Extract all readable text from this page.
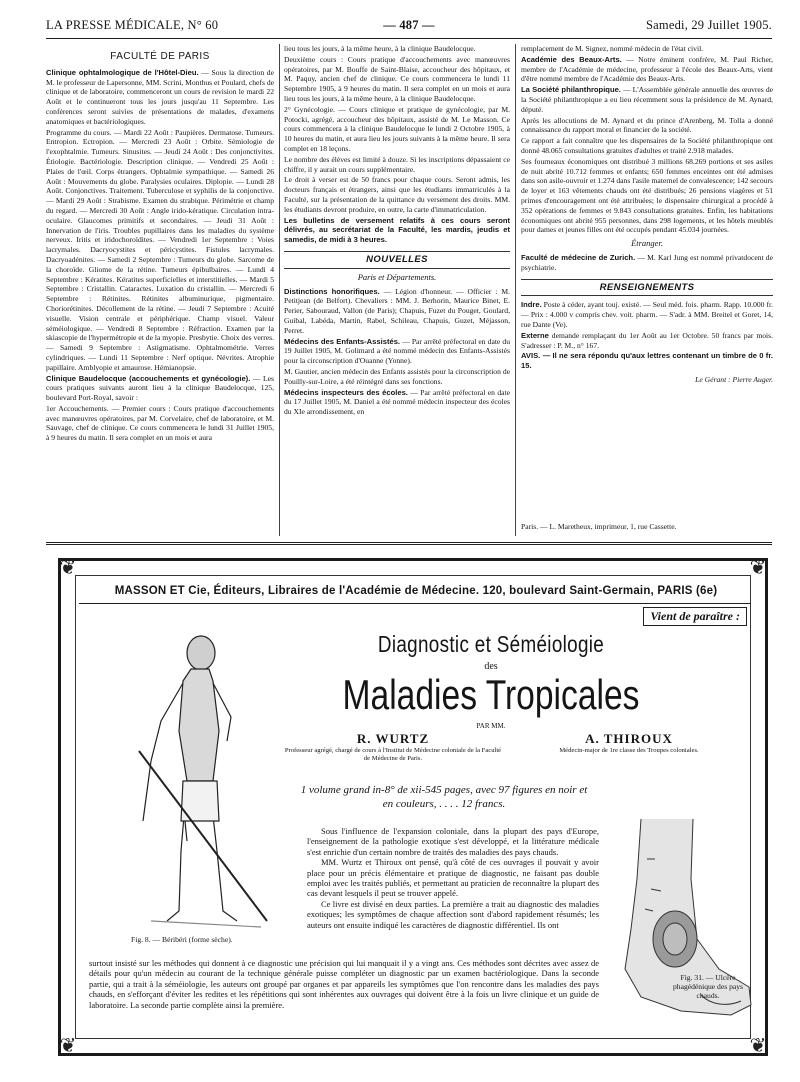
LA PRESSE MÉDICALE, N° 60	— 487 —	Samedi, 29 Juillet 1905.
FACULTÉ DE PARIS

Clinique ophtalmologique de l'Hôtel-Dieu. — Sous la direction de M. le professeur de Lapersonne, MM. Scrini, Monthus et Poulard, chefs de clinique et de laboratoire, commenceront un cours de revision le mardi 22 Août et le continueront tous les jours jusqu'au 11 Septembre. Les conférences seront suivies de présentations de malades, d'examens anatomiques et bactériologiques.

Programme du cours. — Mardi 22 Août : Paupières. Dermatose. Tumeurs. Entropion. Ectropion. — Mercredi 23 Août : Orbite. Sémiologie de l'exophtalmie. Tumeurs. Sinusites. — Jeudi 24 Août : Des conjonctivites. Étiologie. Bactériologie. Description clinique. — Vendredi 25 Août : Plaies de l'œil. Corps étrangers. Ophtalmie sympathique. — Samedi 26 Août : Mouvements du globe. Paralysies oculaires. Diplopie. — Lundi 28 Août. Conjonctives. Traitement. Tuberculose et syphilis de la conjonctive. — Mardi 29 Août : Strabisme. Examen du strabique. Périmétrie et champ du regard. — Mercredi 30 Août : Angle irido-kératique. Circulation intra-oculaire. Glaucomes primitifs et secondaires. — Jeudi 31 Août : Innervation de l'iris. Troubles pupillaires dans les maladies du système nerveux. Iritis et iridochoroïdites. — Vendredi 1er Septembre : Voies lacrymales. Dacryocystites et péricystites. Fistules lacrymales. Dacryoadénites. — Samedi 2 Septembre : Tumeurs du globe. Sarcome de la choroïde. Gliome de la rétine. Tumeurs épibulbaires. — Lundi 4 Septembre : Kératites. Kératites superficielles et interstitielles. — Mardi 5 Septembre : Cristallin. Cataractes. Luxation du cristallin. — Mercredi 6 Septembre : Rétinites. Rétinites albuminurique, pigmentaire. Choriorétinites. Décollement de la rétine. — Jeudi 7 Septembre : Acuité visuelle. Vision centrale et périphérique. Champ visuel. Valeur séméiologique. — Vendredi 8 Septembre : Réfraction. Examen par la skiascopie de l'hypermétropie et de la myopie. Presbytie. Choix des verres. — Samedi 9 Septembre : Astigmatisme. Ophtalmométrie. Verres cylindriques. — Lundi 11 Septembre : Nerf optique. Névrites. Atrophie papillaire. Amblyopie et amaurose. Hémianopsie.

Clinique Baudelocque (accouchements et gynécologie). — Les cours pratiques suivants auront lieu à la clinique Baudelocque, 125, boulevard Port-Royal, savoir :

1er Accouchements. — Premier cours : Cours pratique d'accouchements avec manœuvres opératoires, par M. Corvelaire, chef de laboratoire, et M. Sauvage, chef de clinique. Ce cours commencera le lundi 31 Juillet 1905, à 9 heures du matin. Il sera complet en un mois et aura

lieu tous les jours, à la même heure, à la clinique Baudelocque.

Deuxième cours : Cours pratique d'accouchements avec manœuvres opératoires, par M. Bouffe de Saint-Blaise, accoucheur des hôpitaux, et M. Paquy, ancien chef de clinique. Ce cours commencera le lundi 11 Septembre 1905, à 9 heures du matin. Il sera complet en un mois et aura lieu tous les jours, à la même heure, à la clinique Baudelocque.

2° Gynécologie. — Cours clinique et pratique de gynécologie, par M. Potocki, agrégé, accoucheur des hôpitaux, assisté de M. Le Masson. Ce cours commencera à la clinique Baudelocque le lundi 2 Octobre 1905, à 10 heures du matin, et aura lieu les jours suivants à la même heure. Il sera complet en 18 leçons.

Le nombre des élèves est limité à douze. Si les inscriptions dépassaient ce chiffre, il y aurait un cours supplémentaire.

Le droit à verser est de 50 francs pour chaque cours. Seront admis, les docteurs français et étrangers, ainsi que les étudiants immatriculés à la Faculté, sur la présentation de la quittance du versement des droits. MM. les étudiants devront produire, en outre, la carte d'immatriculation.

Les bulletins de versement relatifs à ces cours seront délivrés, au secrétariat de la Faculté, les mardis, jeudis et samedis, de midi à 3 heures.

NOUVELLES
Paris et Départements.

Distinctions honorifiques. — Légion d'honneur. — Officier : M. Petitjean (de Belfort). Chevaliers : MM. J. Berhorin, Maurice Binet, E. Perier, Sabouraud, Vallon (de Paris); Chapuis, Fuzet du Pouget, Goulard, Guibal, Labéda, Martin, Rabel, Schileau, Chapuis, Guzet, Méjasson, Perret.

Médecins des Enfants-Assistés. — Par arrêté préfectoral en date du 19 Juillet 1905, M. Golimard a été nommé médecin des Enfants-Assistés pour la circonscription d'Ouanne (Yonne).

M. Gautier, ancien médecin des Enfants assistés pour la circonscription de Pouilly-sur-Loire, a été réintégré dans ses fonctions.

Médecins inspecteurs des écoles. — Par arrêté préfectoral en date du 17 Juillet 1905, M. Daniel a été nommé médecin inspecteur des écoles du XIe arrondissement, en

remplacement de M. Signez, nommé médecin de l'état civil.

Académie des Beaux-Arts. — Notre éminent confrère, M. Paul Richer, membre de l'Académie de médecine, professeur à l'école des Beaux-Arts, vient d'être nommé membre de l'Académie des Beaux-Arts.

La Société philanthropique. — L'Assemblée générale annuelle des œuvres de la Société philanthropique a eu lieu récemment sous la présidence de M. Aynard, député.

Après les allocutions de M. Aynard et du prince d'Arenberg, M. Tolla a donné connaissance du rapport moral et financier de la société.

Ce rapport a fait connaître que les dispensaires de la Société philanthropique ont donné 48.065 consultations gratuites d'adultes et traité 2.918 malades.

Ses fourneaux économiques ont distribué 3 millions 68.269 portions et ses asiles de nuit abrité 10.712 femmes et enfants; 650 femmes enceintes ont été admises dans son asile-ouvroir et 1.274 dans l'asile maternel de convalescence; 142 secours de loyer et 163 vêtements chauds ont été distribués; 26 pensions viagères et 51 primes d'encouragement ont été attribuées; le dispensaire chirurgical a procédé à 352 opérations de femmes et 9.843 consultations gratuites. Enfin, les habitations économiques ont abrité 955 personnes, dans 298 logements, et les hôtels meublés pour dames et jeunes filles ont été occupés pendant 45.034 journées.

Étranger.

Faculté de médecine de Zurich. — M. Karl Jung est nommé privatdocent de psychiatrie.

RENSEIGNEMENTS

Indre. Poste à céder, ayant touj. existé. — Seul méd. fois. pharm. Rapp. 10.000 fr. — Prix : 4.000 v compris chev. voit. pharm. — S'adr. à MM. Breitel et Goret, 14, rue Dante (Ve).

Externe demande remplaçant du 1er Août au 1er Octobre. 50 francs par mois. S'adresser : P. M., n° 167.

AVIS. — Il ne sera répondu qu'aux lettres contenant un timbre de 0 fr. 15.

Le Gérant : Pierre Auger.
Paris. — L. Maretheux, imprimeur, 1, rue Cassette.
❦	❦
❦	❦
MASSON ET Cie, Éditeurs, Libraires de l'Académie de Médecine. 120, boulevard Saint-Germain, PARIS (6e)
Vient de paraître :
Fig. 8. — Béribéri (forme sèche).
Diagnostic et Séméiologie
des
Maladies Tropicales
PAR MM.
R. WURTZ
Professeur agrégé, chargé de cours à l'Institut de Médecine coloniale de la Faculté de Médecine de Paris.
A. THIROUX
Médecin-major de 1re classe des Troupes coloniales.
1 volume grand in-8° de xii-545 pages, avec 97 figures en noir et en couleurs, . . . . 12 francs.

Sous l'influence de l'expansion coloniale, dans la plupart des pays d'Europe, l'enseignement de la pathologie exotique s'est développé, et la littérature médicale s'est enrichie d'un certain nombre de traités des maladies des pays chauds.

MM. Wurtz et Thiroux ont pensé, qu'à côté de ces ouvrages il pouvait y avoir place pour un précis élémentaire et pratique de diagnostic, ne faisant pas double emploi avec les traités publiés, et permettant au praticien de reconnaître la plupart des cas devant lesquels il peut se trouver appelé.

Ce livre est divisé en deux parties. La première a trait au diagnostic des maladies exotiques; les symptômes de chaque affection sont d'abord rapidement résumés; les auteurs ont ensuite indiqué les caractères de diagnostic différentiel. Ils ont

surtout insisté sur les méthodes qui donnent à ce diagnostic une précision qui lui manquait il y a vingt ans. Ces méthodes sont décrites avec assez de détails pour qu'un médecin au courant de la technique générale puisse compléter un diagnostic par un examen bactériologique. Dans la seconde partie, qui a trait à la séméiologie, les auteurs ont groupé par organes et par appareils les symptômes que l'on rencontre dans les maladies des pays chauds, en s'efforçant d'éviter les redites et les répétitions qui sont inhérentes aux ouvrages qui doivent être à la fois un livre clinique et un guide de laboratoire. La seconde partie complète ainsi la première.
Fig. 31. — Ulcère phagédénique des pays chauds.
